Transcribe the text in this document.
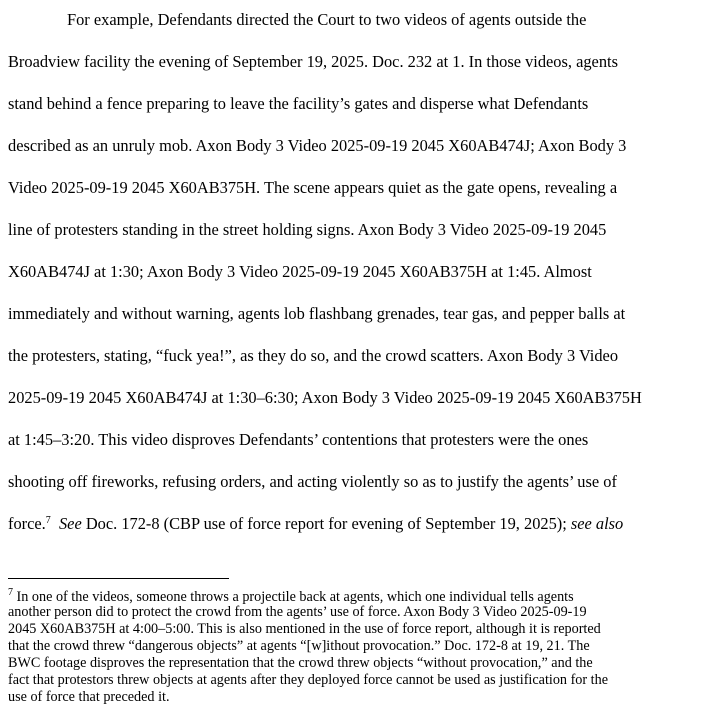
For example, Defendants directed the Court to two videos of agents outside the
Broadview facility the evening of September 19, 2025. Doc. 232 at 1. In those videos, agents
stand behind a fence preparing to leave the facility’s gates and disperse what Defendants
described as an unruly mob. Axon Body 3 Video 2025-09-19 2045 X60AB474J; Axon Body 3
Video 2025-09-19 2045 X60AB375H. The scene appears quiet as the gate opens, revealing a
line of protesters standing in the street holding signs. Axon Body 3 Video 2025-09-19 2045
X60AB474J at 1:30; Axon Body 3 Video 2025-09-19 2045 X60AB375H at 1:45. Almost
immediately and without warning, agents lob flashbang grenades, tear gas, and pepper balls at
the protesters, stating, “fuck yea!”, as they do so, and the crowd scatters. Axon Body 3 Video
2025-09-19 2045 X60AB474J at 1:30–6:30; Axon Body 3 Video 2025-09-19 2045 X60AB375H
at 1:45–3:20. This video disproves Defendants’ contentions that protesters were the ones
shooting off fireworks, refusing orders, and acting violently so as to justify the agents’ use of
force.$^7$ See Doc. 172-8 (CBP use of force report for evening of September 19, 2025); see also
$^7$ In one of the videos, someone throws a projectile back at agents, which one individual tells agents
another person did to protect the crowd from the agents’ use of force. Axon Body 3 Video 2025-09-19
2045 X60AB375H at 4:00–5:00. This is also mentioned in the use of force report, although it is reported
that the crowd threw “dangerous objects” at agents “[w]ithout provocation.” Doc. 172-8 at 19, 21. The
BWC footage disproves the representation that the crowd threw objects “without provocation,” and the
fact that protestors threw objects at agents after they deployed force cannot be used as justification for the
use of force that preceded it.
